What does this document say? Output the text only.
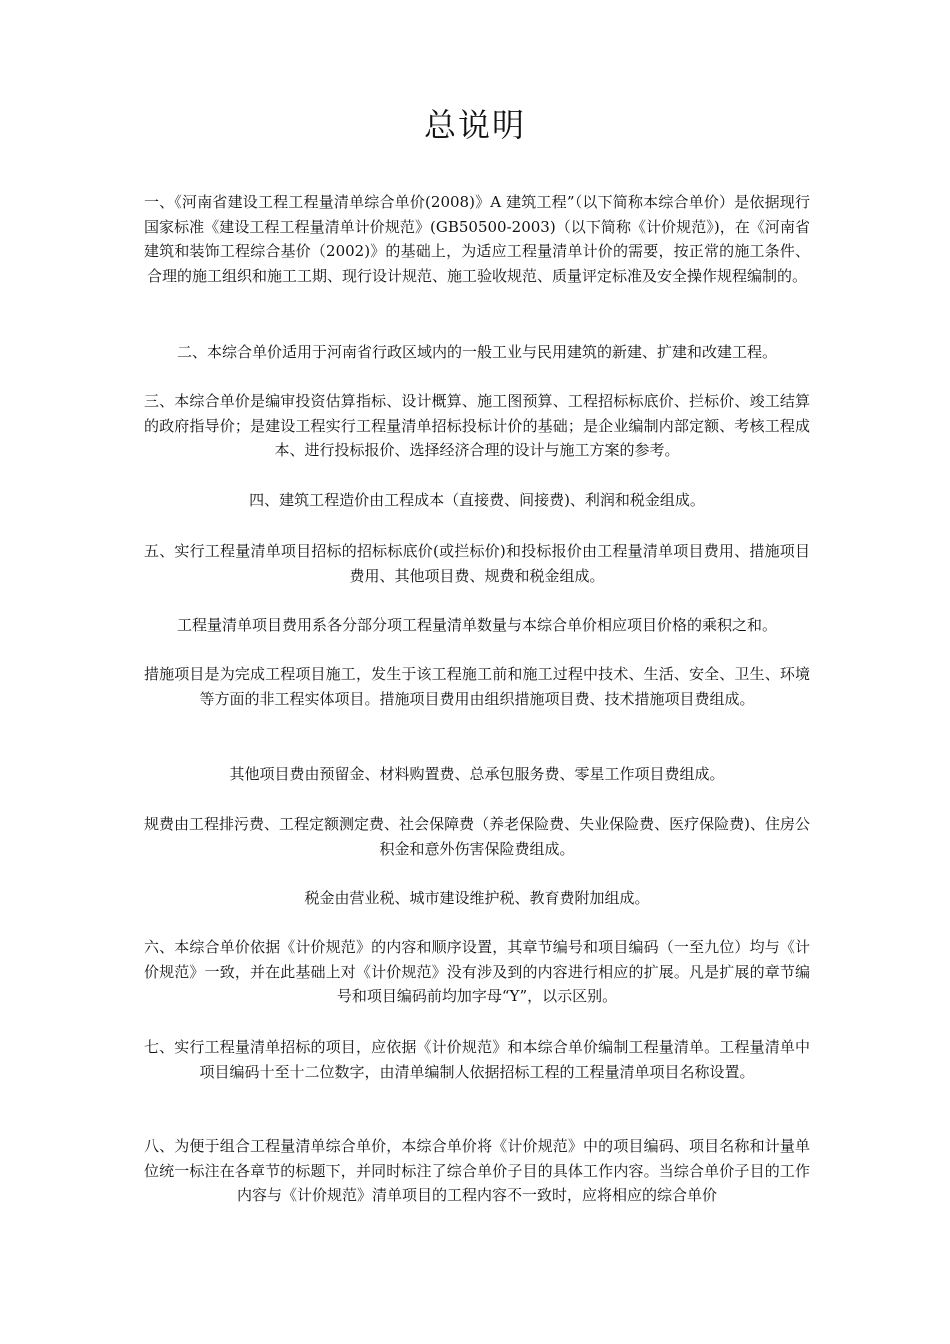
总说明
一、《河南省建设工程工程量清单综合单价(2008)》A 建筑工程”（以下简称本综合单价）是依据现行国家标准《建设工程工程量清单计价规范》(GB50500-2003)（以下简称《计价规范》)，在《河南省建筑和装饰工程综合基价（2002)》的基础上，为适应工程量清单计价的需要，按正常的施工条件、合理的施工组织和施工工期、现行设计规范、施工验收规范、质量评定标准及安全操作规程编制的。
二、本综合单价适用于河南省行政区域内的一般工业与民用建筑的新建、扩建和改建工程。
三、本综合单价是编审投资估算指标、设计概算、施工图预算、工程招标标底价、拦标价、竣工结算的政府指导价；是建设工程实行工程量清单招标投标计价的基础；是企业编制内部定额、考核工程成本、进行投标报价、选择经济合理的设计与施工方案的参考。
四、建筑工程造价由工程成本（直接费、间接费)、利润和税金组成。
五、实行工程量清单项目招标的招标标底价(或拦标价)和投标报价由工程量清单项目费用、措施项目费用、其他项目费、规费和税金组成。
工程量清单项目费用系各分部分项工程量清单数量与本综合单价相应项目价格的乘积之和。
措施项目是为完成工程项目施工，发生于该工程施工前和施工过程中技术、生活、安全、卫生、环境等方面的非工程实体项目。措施项目费用由组织措施项目费、技术措施项目费组成。
其他项目费由预留金、材料购置费、总承包服务费、零星工作项目费组成。
规费由工程排污费、工程定额测定费、社会保障费（养老保险费、失业保险费、医疗保险费)、住房公积金和意外伤害保险费组成。
税金由营业税、城市建设维护税、教育费附加组成。
六、本综合单价依据《计价规范》的内容和顺序设置，其章节编号和项目编码（一至九位）均与《计价规范》一致，并在此基础上对《计价规范》没有涉及到的内容进行相应的扩展。凡是扩展的章节编号和项目编码前均加字母“Y”，以示区别。
七、实行工程量清单招标的项目，应依据《计价规范》和本综合单价编制工程量清单。工程量清单中项目编码十至十二位数字，由清单编制人依据招标工程的工程量清单项目名称设置。
八、为便于组合工程量清单综合单价，本综合单价将《计价规范》中的项目编码、项目名称和计量单位统一标注在各章节的标题下，并同时标注了综合单价子目的具体工作内容。当综合单价子目的工作内容与《计价规范》清单项目的工程内容不一致时，应将相应的综合单价
